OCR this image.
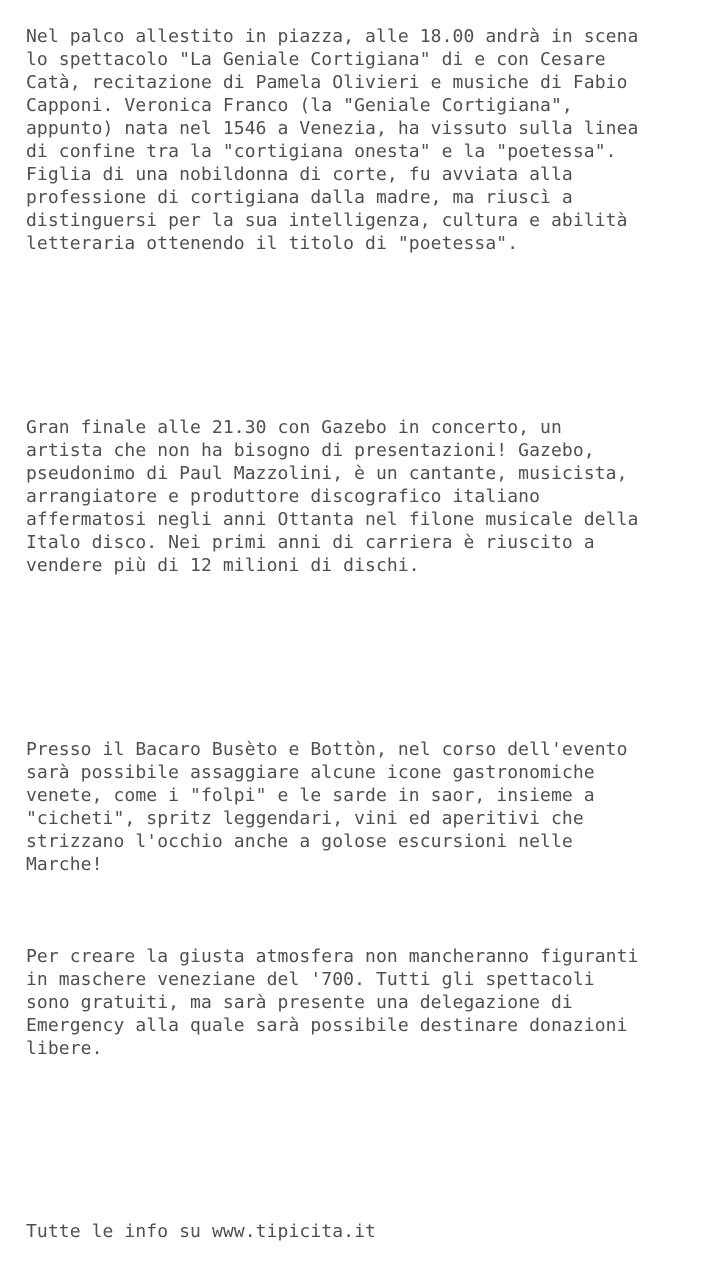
Nel palco allestito in piazza, alle 18.00 andrà in scena
lo spettacolo "La Geniale Cortigiana" di e con Cesare
Catà, recitazione di Pamela Olivieri e musiche di Fabio
Capponi. Veronica Franco (la "Geniale Cortigiana",
appunto) nata nel 1546 a Venezia, ha vissuto sulla linea
di confine tra la "cortigiana onesta" e la "poetessa".
Figlia di una nobildonna di corte, fu avviata alla
professione di cortigiana dalla madre, ma riuscì a
distinguersi per la sua intelligenza, cultura e abilità
letteraria ottenendo il titolo di "poetessa".

Gran finale alle 21.30 con Gazebo in concerto, un
artista che non ha bisogno di presentazioni! Gazebo,
pseudonimo di Paul Mazzolini, è un cantante, musicista,
arrangiatore e produttore discografico italiano
affermatosi negli anni Ottanta nel filone musicale della
Italo disco. Nei primi anni di carriera è riuscito a
vendere più di 12 milioni di dischi.

Presso il Bacaro Busèto e Bottòn, nel corso dell'evento
sarà possibile assaggiare alcune icone gastronomiche
venete, come i "folpi" e le sarde in saor, insieme a
"cicheti", spritz leggendari, vini ed aperitivi che
strizzano l'occhio anche a golose escursioni nelle
Marche!

Per creare la giusta atmosfera non mancheranno figuranti
in maschere veneziane del '700. Tutti gli spettacoli
sono gratuiti, ma sarà presente una delegazione di
Emergency alla quale sarà possibile destinare donazioni
libere.

Tutte le info su www.tipicita.it
